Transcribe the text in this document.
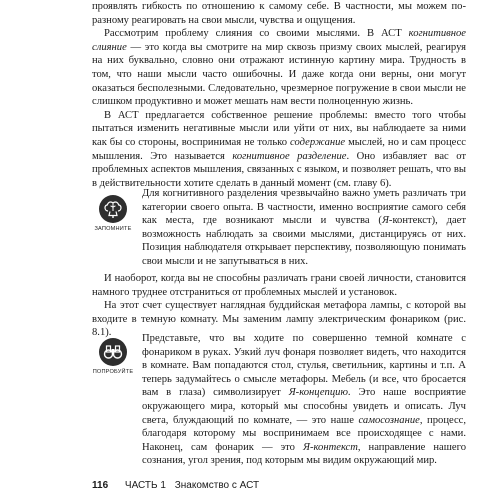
проявлять гибкость по отношению к самому себе. В частности, мы можем по-разному реагировать на свои мысли, чувства и ощущения.

Рассмотрим проблему слияния со своими мыслями. В АСТ когнитивное слияние — это когда вы смотрите на мир сквозь призму своих мыслей, реагируя на них буквально, словно они отражают истинную картину мира. Трудность в том, что наши мысли часто ошибочны. И даже когда они верны, они могут оказаться бесполезными. Следовательно, чрезмерное погружение в свои мысли не слишком продуктивно и может мешать нам вести полноценную жизнь.

В АСТ предлагается собственное решение проблемы: вместо того чтобы пытаться изменить негативные мысли или уйти от них, вы наблюдаете за ними как бы со стороны, воспринимая не только содержание мыслей, но и сам процесс мышления. Это называется когнитивное разделение. Оно избавляет вас от проблемных аспектов мышления, связанных с языком, и позволяет решать, что вы в действительности хотите сделать в данный момент (см. главу 6).

ЗАПОМНИТЕ

Для когнитивного разделения чрезвычайно важно уметь различать три категории своего опыта. В частности, именно восприятие самого себя как места, где возникают мысли и чувства (Я-контекст), дает возможность наблюдать за своими мыслями, дистанцируясь от них. Позиция наблюдателя открывает перспективу, позволяющую понимать свои мысли и не запутываться в них.

И наоборот, когда вы не способны различать грани своей личности, становится намного труднее отстраниться от проблемных мыслей и установок.

На этот счет существует наглядная буддийская метафора лампы, с которой вы входите в темную комнату. Мы заменим лампу электрическим фонариком (рис. 8.1).

ПОПРОБУЙТЕ

Представьте, что вы ходите по совершенно темной комнате с фонариком в руках. Узкий луч фонаря позволяет видеть, что находится в комнате. Вам попадаются стол, стулья, светильник, картины и т.п. А теперь задумайтесь о смысле метафоры. Мебель (и все, что бросается вам в глаза) символизирует Я-концепцию. Это наше восприятие окружающего мира, который мы способны увидеть и описать. Луч света, блуждающий по комнате, — это наше самосознание, процесс, благодаря которому мы воспринимаем все происходящее с нами. Наконец, сам фонарик — это Я-контекст, направление нашего сознания, угол зрения, под которым мы видим окружающий мир.

116 ЧАСТЬ 1 Знакомство с АСТ
